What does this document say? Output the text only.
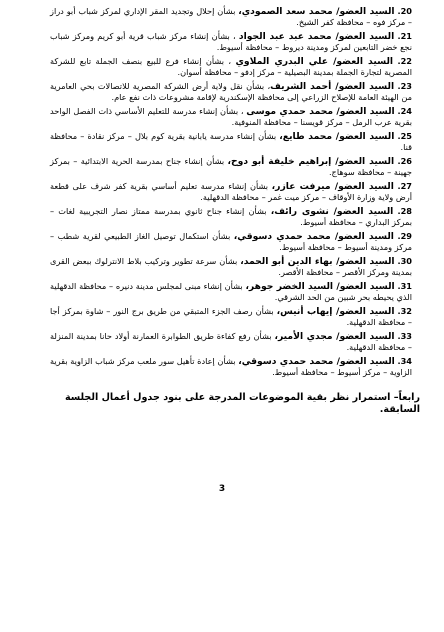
20. السيد العضو/ محمد سعد الصمودي، بشأن إحلال وتجديد المقر الإداري لمركز شباب أبو دراز – مركز فوه – محافظة كفر الشيخ.
21. السيد العضو/ محمد عبد عبد الجواد ، بشأن إنشاء مركز شباب قرية أبو كريم ومركز شباب نجع خضر التابعين لمركز ومدينة ديروط – محافظة أسيوط.
22. السيد العضو/ علي البدري الملاوي ، بشأن إنشاء فرع للبيع بنصف الجملة تابع للشركة المصرية لتجارة الجملة بمدينة البصيلية – مركز إدفو – محافظة أسوان.
23. السيد العضو/ أحمد الشريف، بشأن نقل ولاية أرض الشركة المصرية للاتصالات بحي العامرية من الهيئة العامة للإصلاح الزراعي إلى محافظة الإسكندرية لإقامة مشروعات ذات نفع عام.
24. السيد العضو/ محمد حمدي موسى ، بشأن إنشاء مدرسة للتعليم الأساسي ذات الفصل الواحد بقرية عرب الرمل – مركز قويسنا – محافظة المنوفية.
25. السيد العضو/ محمد طايع، بشأن إنشاء مدرسة يابانية بقرية كوم بلال – مركز نقادة – محافظة قنا.
26. السيد العضو/ إبراهيم خليفة أبو دوح، بشأن إنشاء جناح بمدرسة الحرية الابتدائية – بمركز جهينة – محافظة سوهاج.
27. السيد العضو/ ميرفت عازر، بشأن إنشاء مدرسة تعليم أساسي بقرية كفر شرف على قطعة أرض ولاية وزارة الأوقاف – مركز ميت غمر – محافظة الدقهلية.
28. السيد العضو/ نشوى رائف، بشأن إنشاء جناح ثانوي بمدرسة ممتاز نصار التجريبية لغات – بمركز البداري – محافظة أسيوط.
29. السيد العضو/ محمد حمدي دسوقي، بشأن استكمال توصيل الغاز الطبيعي لقرية شطب – مركز ومدينة أسيوط – محافظة أسيوط.
30. السيد العضو/ بهاء الدين أبو الحمد، بشأن سرعة تطوير وتركيب بلاط الانترلوك ببعض القرى بمدينة ومركز الأقصر – محافظة الأقصر.
31. السيد العضو/ السيد الخضر جوهر، بشأن إنشاء مبنى لمجلس مدينة دنيره – محافظة الدقهلية الذي يحيطه بحر شبين من الحد الشرقي.
32. السيد العضو/ إيهاب أنيس، بشأن رصف الجزء المتبقي من طريق برج النور – شاوة بمركز أجا – محافظة الدقهلية.
33. السيد العضو/ مجدي الأمير، بشأن رفع كفاءة طريق الطوابرة العمارنة أولاد حانا بمدينة المنزلة – محافظة الدقهلية.
34. السيد العضو/ محمد حمدي دسوقي، بشأن إعادة تأهيل سور ملعب مركز شباب الزاوية بقرية الزاوية – مركز أسيوط – محافظة أسيوط.
رابعاً– استمرار نظر بقية الموضوعات المدرجة على بنود جدول أعمال الجلسة السابقة.
3
